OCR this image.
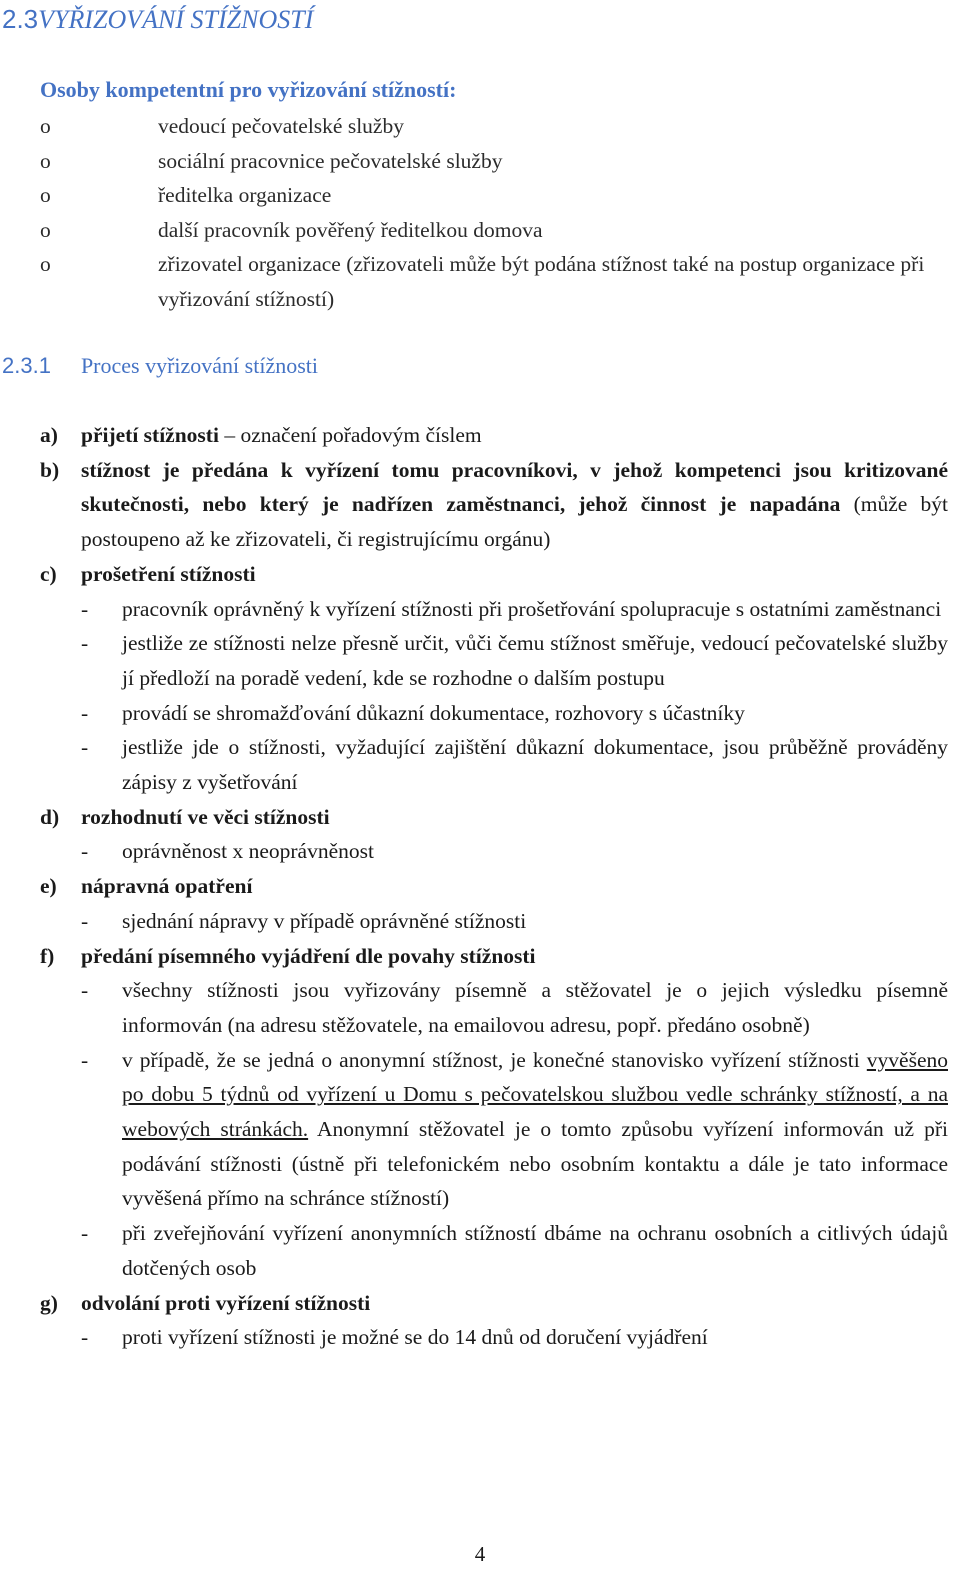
2.3VYŘIZOVÁNÍ STÍŽNOSTÍ
Osoby kompetentní pro vyřizování stížností:
o	vedoucí pečovatelské služby
o	sociální pracovnice pečovatelské služby
o	ředitelka organizace
o	další pracovník pověřený ředitelkou domova
o	zřizovatel organizace (zřizovateli může být podána stížnost také na postup organizace při vyřizování stížností)
2.3.1 Proces vyřizování stížnosti
a)	přijetí stížnosti – označení pořadovým číslem
b)	stížnost je předána k vyřízení tomu pracovníkovi, v jehož kompetenci jsou kritizované skutečnosti, nebo který je nadřízen zaměstnanci, jehož činnost je napadána (může být postoupeno až ke zřizovateli, či registrujícímu orgánu)
c)	prošetření stížnosti
-	pracovník oprávněný k vyřízení stížnosti při prošetřování spolupracuje s ostatními zaměstnanci
-	jestliže ze stížnosti nelze přesně určit, vůči čemu stížnost směřuje, vedoucí pečovatelské služby jí předloží na poradě vedení, kde se rozhodne o dalším postupu
-	provádí se shromažďování důkazní dokumentace, rozhovory s účastníky
-	jestliže jde o stížnosti, vyžadující zajištění důkazní dokumentace, jsou průběžně prováděny zápisy z vyšetřování
d)	rozhodnutí ve věci stížnosti
-	oprávněnost x neoprávněnost
e)	nápravná opatření
-	sjednání nápravy v případě oprávněné stížnosti
f)	předání písemného vyjádření dle povahy stížnosti
-	všechny stížnosti jsou vyřizovány písemně a stěžovatel je o jejich výsledku písemně informován (na adresu stěžovatele, na emailovou adresu, popř. předáno osobně)
-	v případě, že se jedná o anonymní stížnost, je konečné stanovisko vyřízení stížnosti vyvěšeno po dobu 5 týdnů od vyřízení u Domu s pečovatelskou službou vedle schránky stížností, a na webových stránkách. Anonymní stěžovatel je o tomto způsobu vyřízení informován už při podávání stížnosti (ústně při telefonickém nebo osobním kontaktu a dále je tato informace vyvěšená přímo na schránce stížností)
-	při zveřejňování vyřízení anonymních stížností dbáme na ochranu osobních a citlivých údajů dotčených osob
g)	odvolání proti vyřízení stížnosti
-	proti vyřízení stížnosti je možné se do 14 dnů od doručení vyjádření
4
